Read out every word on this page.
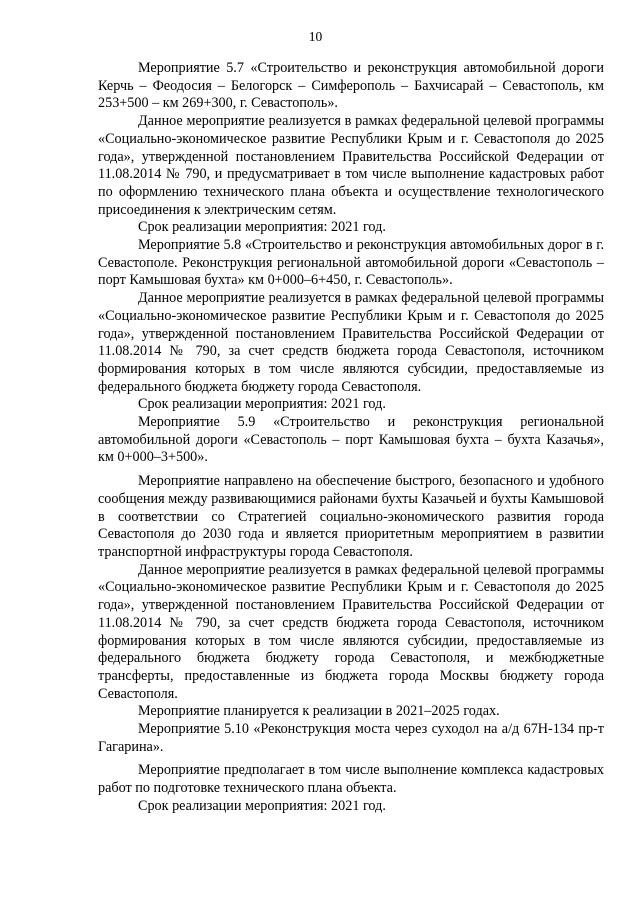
10

Мероприятие 5.7 «Строительство и реконструкция автомобильной дороги Керчь – Феодосия – Белогорск – Симферополь – Бахчисарай – Севастополь, км 253+500 – км 269+300, г. Севастополь».

Данное мероприятие реализуется в рамках федеральной целевой программы «Социально-экономическое развитие Республики Крым и г. Севастополя до 2025 года», утвержденной постановлением Правительства Российской Федерации от 11.08.2014 № 790, и предусматривает в том числе выполнение кадастровых работ по оформлению технического плана объекта и осуществление технологического присоединения к электрическим сетям.

Срок реализации мероприятия: 2021 год.

Мероприятие 5.8 «Строительство и реконструкция автомобильных дорог в г. Севастополе. Реконструкция региональной автомобильной дороги «Севастополь – порт Камышовая бухта» км 0+000–6+450, г. Севастополь».

Данное мероприятие реализуется в рамках федеральной целевой программы «Социально-экономическое развитие Республики Крым и г. Севастополя до 2025 года», утвержденной постановлением Правительства Российской Федерации от 11.08.2014 № 790, за счет средств бюджета города Севастополя, источником формирования которых в том числе являются субсидии, предоставляемые из федерального бюджета бюджету города Севастополя.

Срок реализации мероприятия: 2021 год.

Мероприятие 5.9 «Строительство и реконструкция региональной автомобильной дороги «Севастополь – порт Камышовая бухта – бухта Казачья», км 0+000–3+500».

Мероприятие направлено на обеспечение быстрого, безопасного и удобного сообщения между развивающимися районами бухты Казачьей и бухты Камышовой в соответствии со Стратегией социально-экономического развития города Севастополя до 2030 года и является приоритетным мероприятием в развитии транспортной инфраструктуры города Севастополя.

Данное мероприятие реализуется в рамках федеральной целевой программы «Социально-экономическое развитие Республики Крым и г. Севастополя до 2025 года», утвержденной постановлением Правительства Российской Федерации от 11.08.2014 № 790, за счет средств бюджета города Севастополя, источником формирования которых в том числе являются субсидии, предоставляемые из федерального бюджета бюджету города Севастополя, и межбюджетные трансферты, предоставленные из бюджета города Москвы бюджету города Севастополя.

Мероприятие планируется к реализации в 2021–2025 годах.

Мероприятие 5.10 «Реконструкция моста через суходол на а/д 67Н-134 пр-т Гагарина».

Мероприятие предполагает в том числе выполнение комплекса кадастровых работ по подготовке технического плана объекта.

Срок реализации мероприятия: 2021 год.
